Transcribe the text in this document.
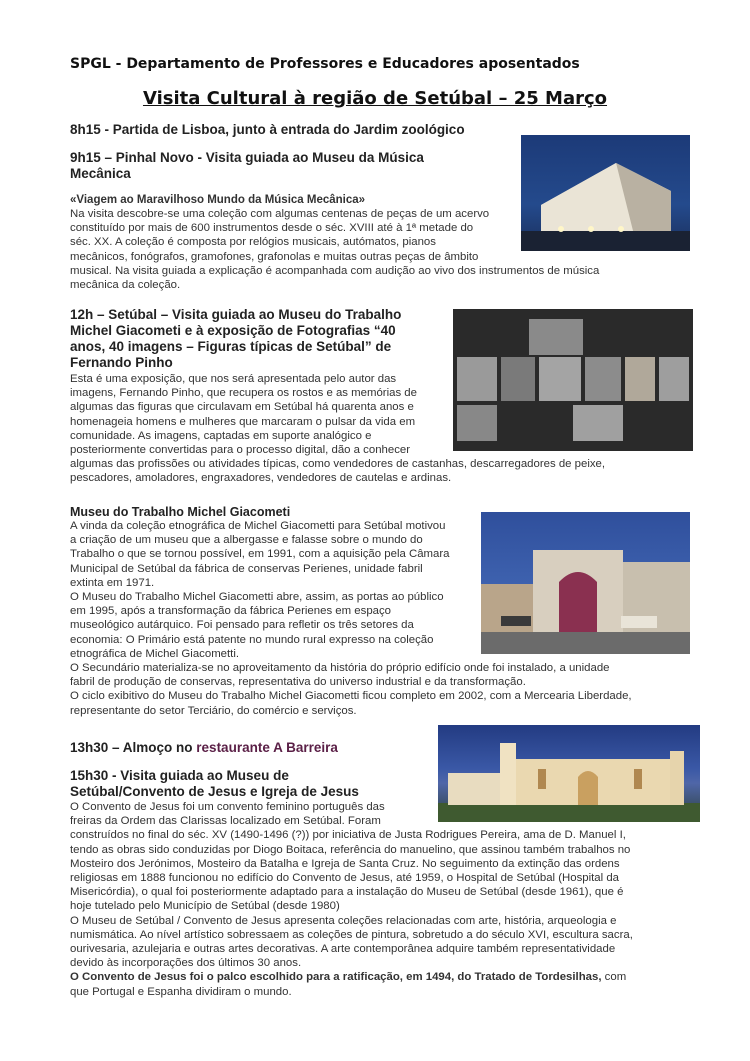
SPGL - Departamento de Professores e Educadores aposentados
Visita Cultural à região de Setúbal – 25 Março
8h15 - Partida de Lisboa, junto à entrada do Jardim zoológico
9h15 – Pinhal Novo - Visita guiada ao Museu da Música
Mecânica
«Viagem ao Maravilhoso Mundo da Música Mecânica»
Na visita descobre-se uma coleção com algumas centenas de peças de um acervo
constituído por mais de 600 instrumentos desde o séc. XVIII até à 1ª metade do
séc. XX. A coleção é composta por relógios musicais, autómatos, pianos
mecânicos, fonógrafos, gramofones, grafonolas e muitas outras peças de âmbito
musical. Na visita guiada a explicação é acompanhada com audição ao vivo dos instrumentos de música
mecânica da coleção.
12h – Setúbal – Visita guiada ao Museu do Trabalho
Michel Giacometi e à exposição de Fotografias “40
anos, 40 imagens – Figuras típicas de Setúbal” de
Fernando Pinho
Esta é uma exposição, que nos será apresentada pelo autor das
imagens, Fernando Pinho, que recupera os rostos e as memórias de
algumas das figuras que circulavam em Setúbal há quarenta anos e
homenageia homens e mulheres que marcaram o pulsar da vida em
comunidade. As imagens, captadas em suporte analógico e
posteriormente convertidas para o processo digital, dão a conhecer
algumas das profissões ou atividades típicas, como vendedores de castanhas, descarregadores de peixe,
pescadores, amoladores, engraxadores, vendedores de cautelas e ardinas.
Museu do Trabalho Michel Giacometi
A vinda da coleção etnográfica de Michel Giacometti para Setúbal motivou
a criação de um museu que a albergasse e falasse sobre o mundo do
Trabalho o que se tornou possível, em 1991, com a aquisição pela Câmara
Municipal de Setúbal da fábrica de conservas Perienes, unidade fabril
extinta em 1971.
O Museu do Trabalho Michel Giacometti abre, assim, as portas ao público
em 1995, após a transformação da fábrica Perienes em espaço
museológico autárquico. Foi pensado para refletir os três setores da
economia: O Primário está patente no mundo rural expresso na coleção
etnográfica de Michel Giacometti.
O Secundário materializa-se no aproveitamento da história do próprio edifício onde foi instalado, a unidade
fabril de produção de conservas, representativa do universo industrial e da transformação.
O ciclo exibitivo do Museu do Trabalho Michel Giacometti ficou completo em 2002, com a Mercearia Liberdade,
representante do setor Terciário, do comércio e serviços.
13h30 – Almoço no restaurante A Barreira
15h30 - Visita guiada ao Museu de
Setúbal/Convento de Jesus e Igreja de Jesus
O Convento de Jesus foi um convento feminino português das
freiras da Ordem das Clarissas localizado em Setúbal. Foram
construídos no final do séc. XV (1490-1496 (?)) por iniciativa de Justa Rodrigues Pereira, ama de D. Manuel I,
tendo as obras sido conduzidas por Diogo Boitaca, referência do manuelino, que assinou também trabalhos no
Mosteiro dos Jerónimos, Mosteiro da Batalha e Igreja de Santa Cruz. No seguimento da extinção das ordens
religiosas em 1888 funcionou no edifício do Convento de Jesus, até 1959, o Hospital de Setúbal (Hospital da
Misericórdia), o qual foi posteriormente adaptado para a instalação do Museu de Setúbal (desde 1961), que é
hoje tutelado pelo Município de Setúbal (desde 1980)
O Museu de Setúbal / Convento de Jesus apresenta coleções relacionadas com arte, história, arqueologia e
numismática. Ao nível artístico sobressaem as coleções de pintura, sobretudo a do século XVI, escultura sacra,
ourivesaria, azulejaria e outras artes decorativas. A arte contemporânea adquire também representatividade
devido às incorporações dos últimos 30 anos.
O Convento de Jesus foi o palco escolhido para a ratificação, em 1494, do Tratado de Tordesilhas, com
que Portugal e Espanha dividiram o mundo.
